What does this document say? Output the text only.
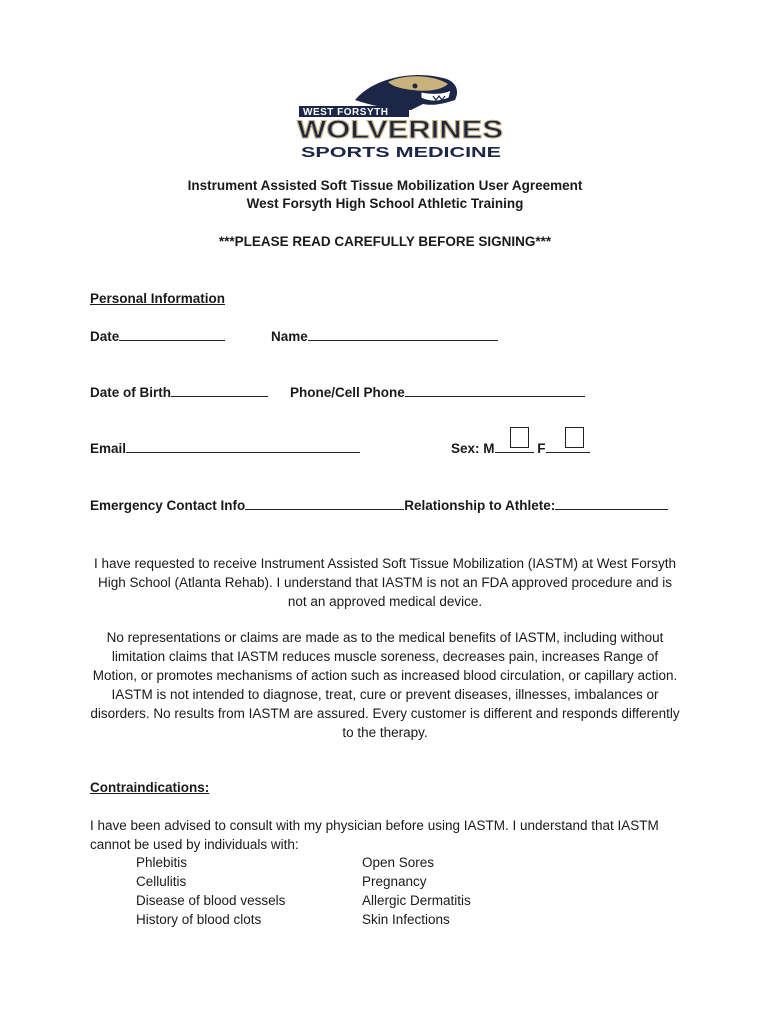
WEST FORSYTH
WOLVERINES
SPORTS MEDICINE
Instrument Assisted Soft Tissue Mobilization User Agreement
West Forsyth High School Athletic Training
***PLEASE READ CAREFULLY BEFORE SIGNING***
Personal Information
Date	Name
Date of Birth	Phone/Cell Phone
Email	Sex: M	F
Emergency Contact Info	Relationship to Athlete:
I have requested to receive Instrument Assisted Soft Tissue Mobilization (IASTM) at West Forsyth High School (Atlanta Rehab). I understand that IASTM is not an FDA approved procedure and is not an approved medical device.
No representations or claims are made as to the medical benefits of IASTM, including without limitation claims that IASTM reduces muscle soreness, decreases pain, increases Range of Motion, or promotes mechanisms of action such as increased blood circulation, or capillary action. IASTM is not intended to diagnose, treat, cure or prevent diseases, illnesses, imbalances or disorders. No results from IASTM are assured. Every customer is different and responds differently to the therapy.
Contraindications:
I have been advised to consult with my physician before using IASTM. I understand that IASTM cannot be used by individuals with:
Phlebitis
Cellulitis
Disease of blood vessels
History of blood clots
Open Sores
Pregnancy
Allergic Dermatitis
Skin Infections
